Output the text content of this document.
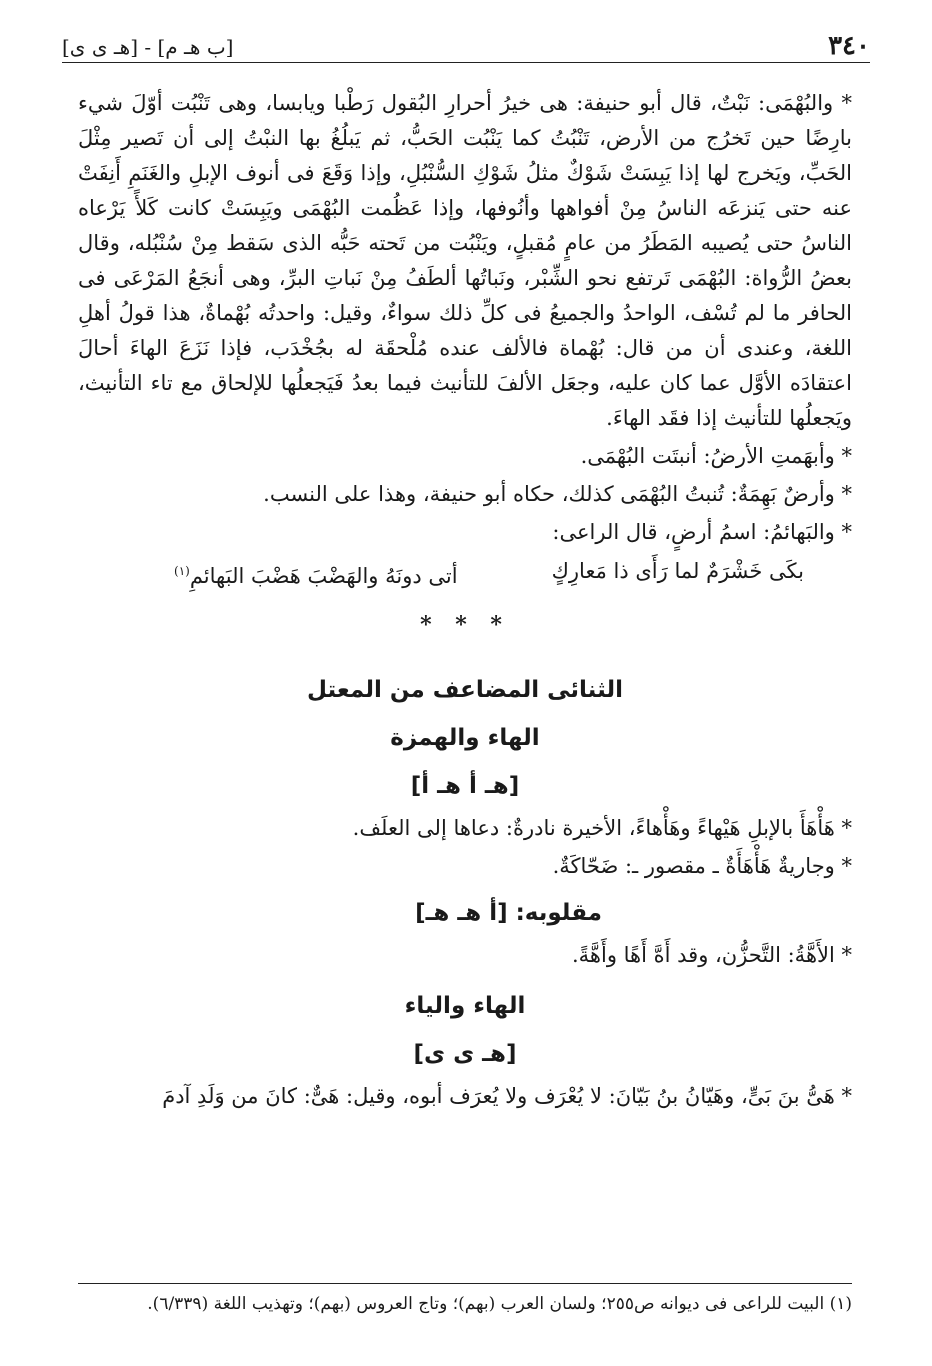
٣٤٠
[ب هـ م] - [هـ ى ى]

* والبُهْمَى: نَبْتٌ، قال أبو حنيفة: هى خيرُ أحرارِ البُقول رَطْبا ويابسا، وهى تَنْبُت أوّلَ شيء بارِضًا حين تَخرُج من الأرض، تَنْبُتُ كما يَنْبُت الحَبُّ، ثم يَبلُغُ بها النبْتُ إلى أن تَصير مِثْلَ الحَبِّ، ويَخرج لها إذا يَبِسَتْ شَوْكٌ مثلُ شَوْكِ السُّنْبُلِ، وإذا وَقَعَ فى أنوف الإبلِ والغَنَمِ أَنِفَتْ عنه حتى يَنزعَه الناسُ مِنْ أفواهها وأنُوفها، وإذا عَظُمت البُهْمَى ويَبِسَتْ كانت كَلأً يَرْعاه الناسُ حتى يُصيبه المَطَرُ من عامٍ مُقبلٍ، ويَنْبُت من تَحته حَبُّه الذى سَقط مِنْ سُنْبُله، وقال بعضُ الرُّواة: البُهْمَى تَرتفع نحو الشِّبْر، ونَباتُها ألطَفُ مِنْ نَباتِ البرِّ، وهى أنجَعُ المَرْعَى فى الحافر ما لم تُسْف، الواحدُ والجميعُ فى كلِّ ذلك سواءٌ، وقيل: واحدتُه بُهْماةٌ، هذا قولُ أهلِ اللغة، وعندى أن من قال: بُهْماة فالألف عنده مُلْحقَة له بجُخْدَب، فإذا نَزَعَ الهاءَ أحالَ اعتقادَه الأوَّل عما كان عليه، وجعَل الألفَ للتأنيث فيما بعدُ فَيَجعلُها للإلحاق مع تاء التأنيث، ويَجعلُها للتأنيث إذا فقَد الهاءَ.

* وأبهَمتِ الأرضُ: أنبتَت البُهْمَى.

* وأرضٌ بَهِمَةٌ: تُنبتُ البُهْمَى كذلك، حكاه أبو حنيفة، وهذا على النسب.

* والبَهائمُ: اسمُ أرضٍ، قال الراعى:

بكَى خَشْرَمٌ لما رَأَى ذا مَعارِكٍ
أتى دونَهُ والهَضْبَ هَضْبَ البَهائمِ$^{(١)}$
* * *
الثنائى المضاعف من المعتل
الهاء والهمزة
[هـ أ هـ أ]

* هَأْهَأَ بالإبلِ هَيْهاءً وهَأْهاءً، الأخيرة نادرةٌ: دعاها إلى العلَف.

* وجاريةٌ هَأْهَأَةٌ ـ مقصور ـ: ضَحّاكَةٌ.

مقلوبه: [أ هـ هـ]

* الأَهَّةُ: التَّحزُّن، وقد أَهَّ أَهًا وأَهَّةً.

الهاء والياء
[هـ ى ى]

* هَىُّ بنَ بَىٍّ، وهَيّانُ بنُ بَيّانَ: لا يُعْرَف ولا يُعرَف أبوه، وقيل: هَىٌّ: كانَ من وَلَدِ آدمَ

(١) البيت للراعى فى ديوانه ص٢٥٥؛ ولسان العرب (بهم)؛ وتاج العروس (بهم)؛ وتهذيب اللغة (٦/٣٣٩).
